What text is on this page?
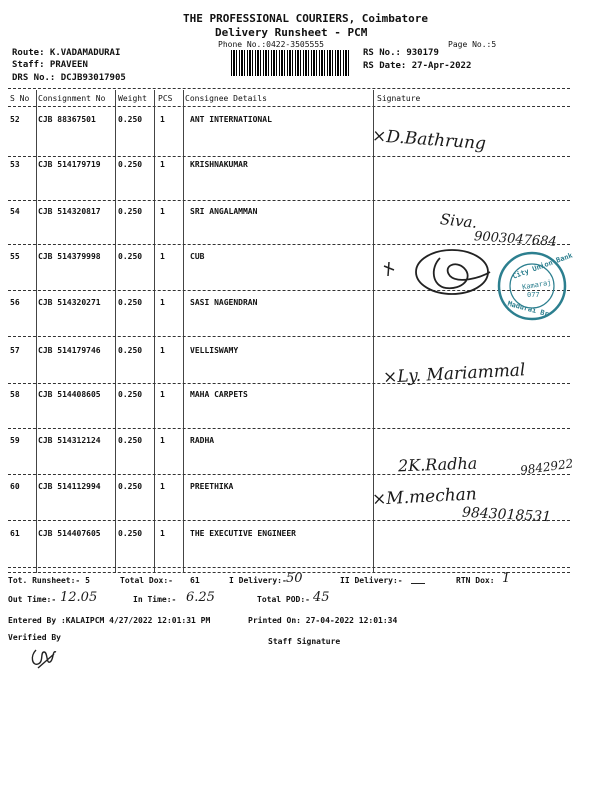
THE PROFESSIONAL COURIERS, Coimbatore
Delivery Runsheet - PCM
Phone No.:0422-3505555	Page No.:5
Route: K.VADAMADURAI
Staff: PRAVEEN
DRS No.: DCJB93017905
RS No.: 930179
RS Date: 27-Apr-2022
S No Consignment No Weight PCS Consignee Details	Signature
52 CJB 88367501	0.250 1	ANT INTERNATIONAL
53 CJB 514179719 0.250 1	KRISHNAKUMAR
54 CJB 514320817 0.250 1	SRI ANGALAMMAN
55 CJB 514379998 0.250 1	CUB
56 CJB 514320271 0.250 1	SASI NAGENDRAN
57 CJB 514179746 0.250 1	VELLISWAMY
58 CJB 514408605 0.250 1	MAHA CARPETS
59 CJB 514312124 0.250 1	RADHA
60 CJB 514112994 0.250 1	PREETHIKA
61 CJB 514407605 0.250 1	THE EXECUTIVE ENGINEER
×D.Bathrung
Siva.
9003047684
City Union Bank
Kamaraj
077
Madurai Br
×Ly. Mariammal
2K.Radha	9842922
×M.mechan
9843018531
Tot. Runsheet:- 5	Total Dox:- 61	I Delivery:- 50	II Delivery:-	RTN Dox: 1
Out Time:- 12.05	In Time:- 6.25	Total POD:- 45
Entered By :KALAIPCM 4/27/2022 12:01:31 PM	Printed On: 27-04-2022 12:01:34
Verified By	Staff Signature
